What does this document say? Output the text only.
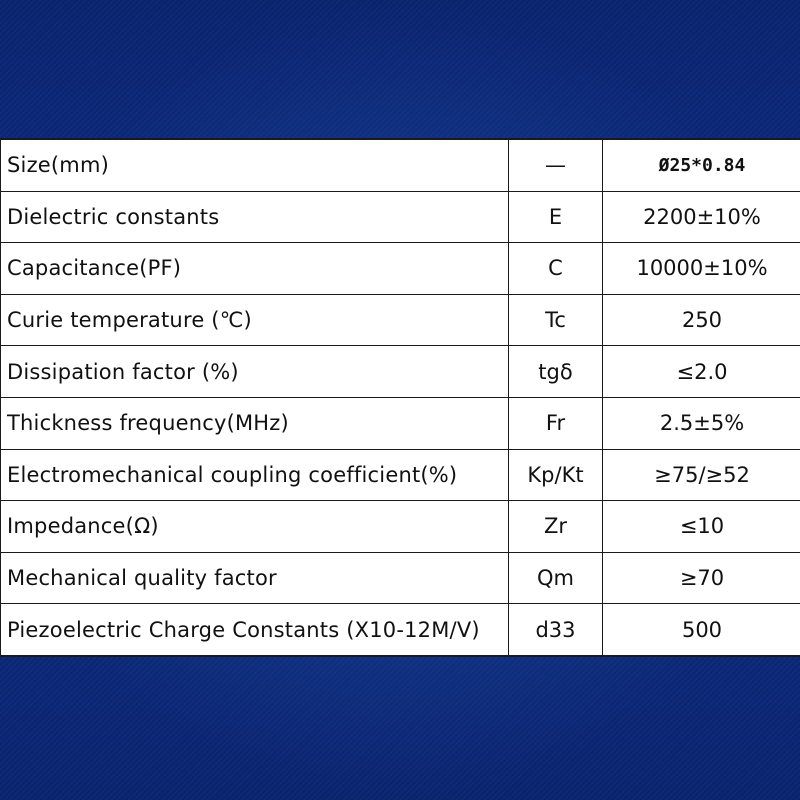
Size(mm)	—	Ø25*0.84
Dielectric constants	E	2200±10%
Capacitance(PF)	C	10000±10%
Curie temperature (℃)	Tc	250
Dissipation factor (%)	tgδ	≤2.0
Thickness frequency(MHz)	Fr	2.5±5%
Electromechanical coupling coefficient(%)	Kp/Kt	≥75/≥52
Impedance(Ω)	Zr	≤10
Mechanical quality factor	Qm	≥70
Piezoelectric Charge Constants (X10-12M/V)	d33	500
